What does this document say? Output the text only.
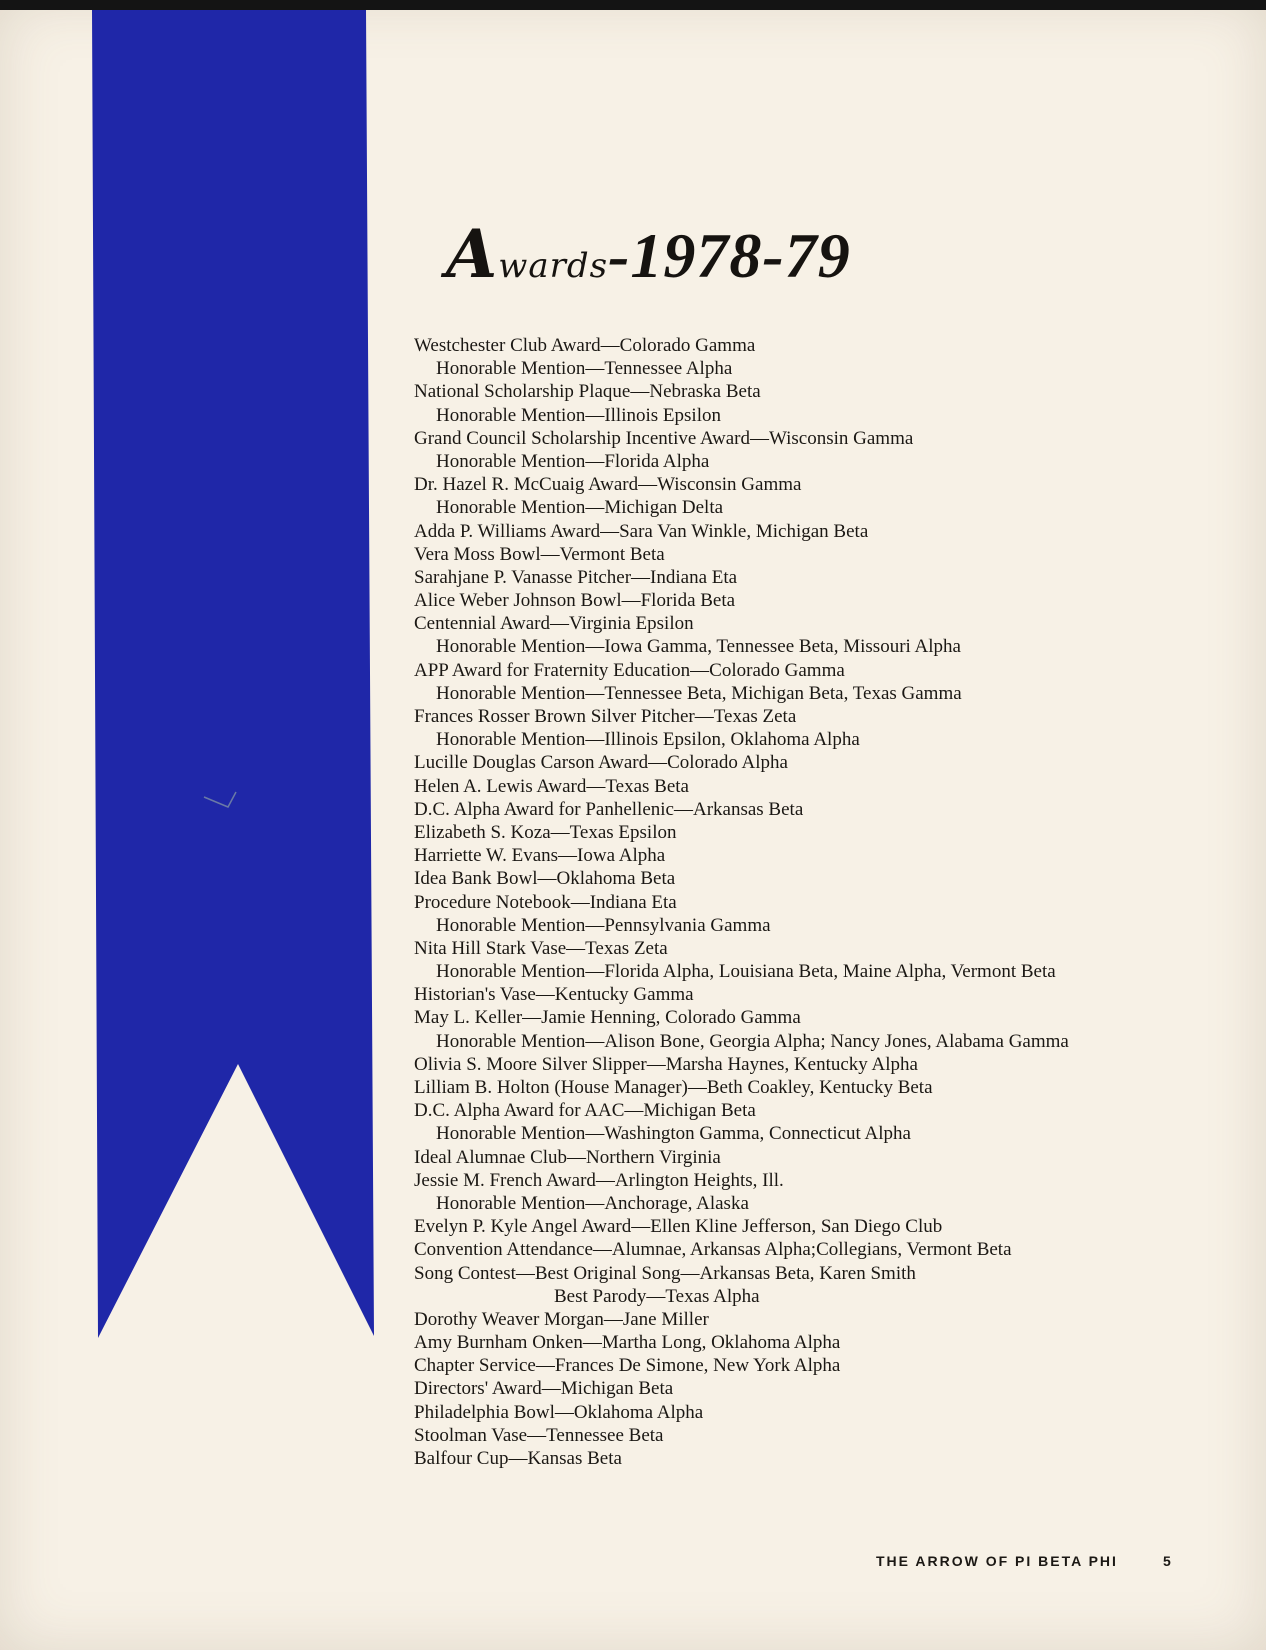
Awards-1978-79
Westchester Club Award—Colorado Gamma
Honorable Mention—Tennessee Alpha
National Scholarship Plaque—Nebraska Beta
Honorable Mention—Illinois Epsilon
Grand Council Scholarship Incentive Award—Wisconsin Gamma
Honorable Mention—Florida Alpha
Dr. Hazel R. McCuaig Award—Wisconsin Gamma
Honorable Mention—Michigan Delta
Adda P. Williams Award—Sara Van Winkle, Michigan Beta
Vera Moss Bowl—Vermont Beta
Sarahjane P. Vanasse Pitcher—Indiana Eta
Alice Weber Johnson Bowl—Florida Beta
Centennial Award—Virginia Epsilon
Honorable Mention—Iowa Gamma, Tennessee Beta, Missouri Alpha
APP Award for Fraternity Education—Colorado Gamma
Honorable Mention—Tennessee Beta, Michigan Beta, Texas Gamma
Frances Rosser Brown Silver Pitcher—Texas Zeta
Honorable Mention—Illinois Epsilon, Oklahoma Alpha
Lucille Douglas Carson Award—Colorado Alpha
Helen A. Lewis Award—Texas Beta
D.C. Alpha Award for Panhellenic—Arkansas Beta
Elizabeth S. Koza—Texas Epsilon
Harriette W. Evans—Iowa Alpha
Idea Bank Bowl—Oklahoma Beta
Procedure Notebook—Indiana Eta
Honorable Mention—Pennsylvania Gamma
Nita Hill Stark Vase—Texas Zeta
Honorable Mention—Florida Alpha, Louisiana Beta, Maine Alpha, Vermont Beta
Historian's Vase—Kentucky Gamma
May L. Keller—Jamie Henning, Colorado Gamma
Honorable Mention—Alison Bone, Georgia Alpha; Nancy Jones, Alabama Gamma
Olivia S. Moore Silver Slipper—Marsha Haynes, Kentucky Alpha
Lilliam B. Holton (House Manager)—Beth Coakley, Kentucky Beta
D.C. Alpha Award for AAC—Michigan Beta
Honorable Mention—Washington Gamma, Connecticut Alpha
Ideal Alumnae Club—Northern Virginia
Jessie M. French Award—Arlington Heights, Ill.
Honorable Mention—Anchorage, Alaska
Evelyn P. Kyle Angel Award—Ellen Kline Jefferson, San Diego Club
Convention Attendance—Alumnae, Arkansas Alpha;Collegians, Vermont Beta
Song Contest—Best Original Song—Arkansas Beta, Karen Smith
Best Parody—Texas Alpha
Dorothy Weaver Morgan—Jane Miller
Amy Burnham Onken—Martha Long, Oklahoma Alpha
Chapter Service—Frances De Simone, New York Alpha
Directors' Award—Michigan Beta
Philadelphia Bowl—Oklahoma Alpha
Stoolman Vase—Tennessee Beta
Balfour Cup—Kansas Beta
THE ARROW OF PI BETA PHI	5
